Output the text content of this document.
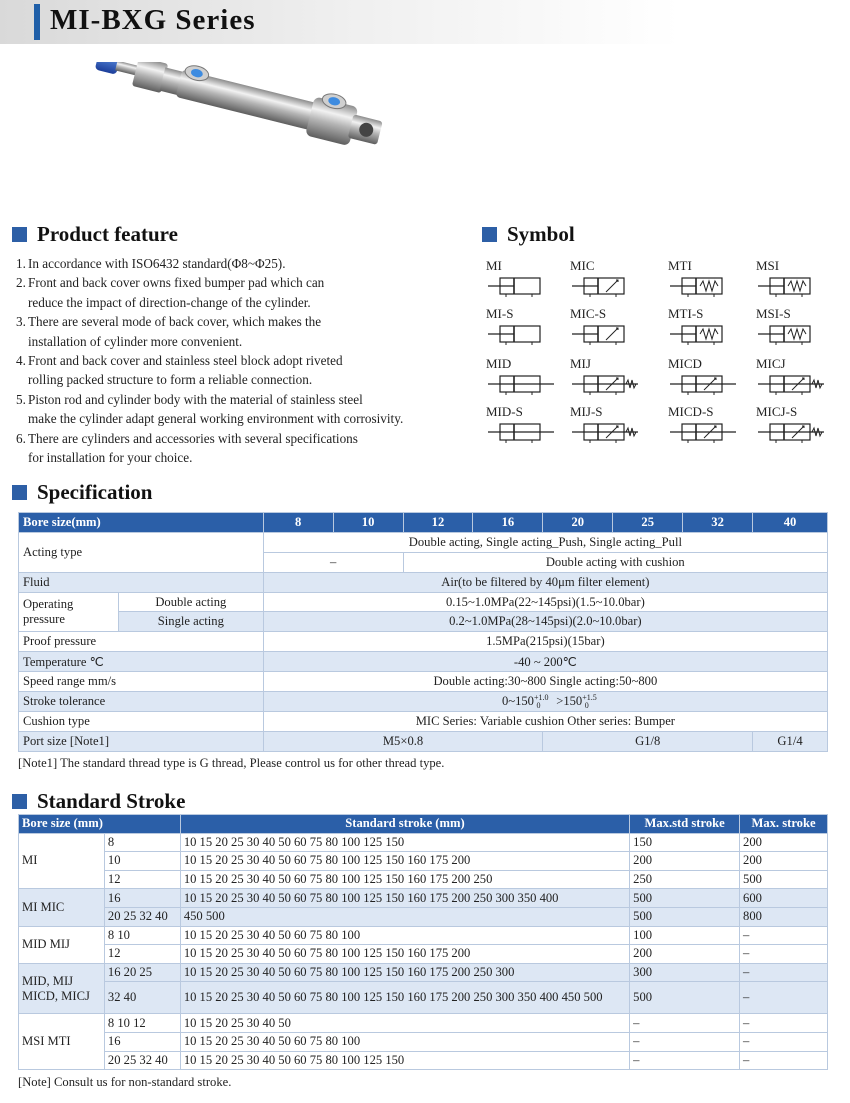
MI-BXG Series
Product feature
1. In accordance with ISO6432 standard(Φ8~Φ25).
2. Front and back cover owns fixed bumper pad which can
reduce the impact of direction-change of the cylinder.
3. There are several mode of back cover, which makes the
installation of cylinder more convenient.
4. Front and back cover and stainless steel block adopt riveted
rolling packed structure to form a reliable connection.
5. Piston rod and cylinder body with the material of stainless steel
make the cylinder adapt general working environment with corrosivity.
6. There are cylinders and accessories with several specifications
for installation for your choice.
Symbol
MI	MIC	MTI	MSI
MI-S	MIC-S	MTI-S	MSI-S
MID	MIJ	MICD	MICJ
MID-S	MIJ-S	MICD-S	MICJ-S
Specification
Bore size(mm)		8	10	12	16	20	25	32	40
Acting type		Double acting, Single acting_Push, Single acting_Pull							
		–		Double acting with cushion					
Fluid		Air(to be filtered by 40μm filter element)							
Operating pressure	Double acting	0.15~1.0MPa(22~145psi)(1.5~10.0bar)							
	Single acting	0.2~1.0MPa(28~145psi)(2.0~10.0bar)							
Proof pressure		1.5MPa(215psi)(15bar)							
Temperature ℃		-40 ~ 200℃							
Speed range mm/s		Double acting:30~800 Single acting:50~800							
Stroke tolerance		$0\sim 150^{+1.0}_0 >150^{+1.5}_0$
Cushion type		MIC Series: Variable cushion Other series: Bumper							
Port size [Note1]		M5×0.8				G1/8			G1/4
[Note1] The standard thread type is G thread, Please control us for other thread type.
Standard Stroke
Bore size (mm)		Standard stroke (mm)	Max.std stroke	Max. stroke
MI	8	10 15 20 25 30 40 50 60 75 80 100 125 150	150	200
	10	10 15 20 25 30 40 50 60 75 80 100 125 150 160 175 200	200	200
	12	10 15 20 25 30 40 50 60 75 80 100 125 150 160 175 200 250	250	500
MI MIC	16	10 15 20 25 30 40 50 60 75 80 100 125 150 160 175 200 250 300 350 400	500	600
	20 25 32 40	450 500	500	800
MID MIJ	8 10	10 15 20 25 30 40 50 60 75 80 100	100	–
	12	10 15 20 25 30 40 50 60 75 80 100 125 150 160 175 200	200	–
MID, MIJ MICD, MICJ	16 20 25	10 15 20 25 30 40 50 60 75 80 100 125 150 160 175 200 250 300	300	–
	32 40	10 15 20 25 30 40 50 60 75 80 100 125 150 160 175 200 250 300 350 400 450 500	500	–
MSI MTI	8 10 12	10 15 20 25 30 40 50	–	–
	16	10 15 20 25 30 40 50 60 75 80 100	–	–
	20 25 32 40	10 15 20 25 30 40 50 60 75 80 100 125 150	–	–
[Note] Consult us for non-standard stroke.
